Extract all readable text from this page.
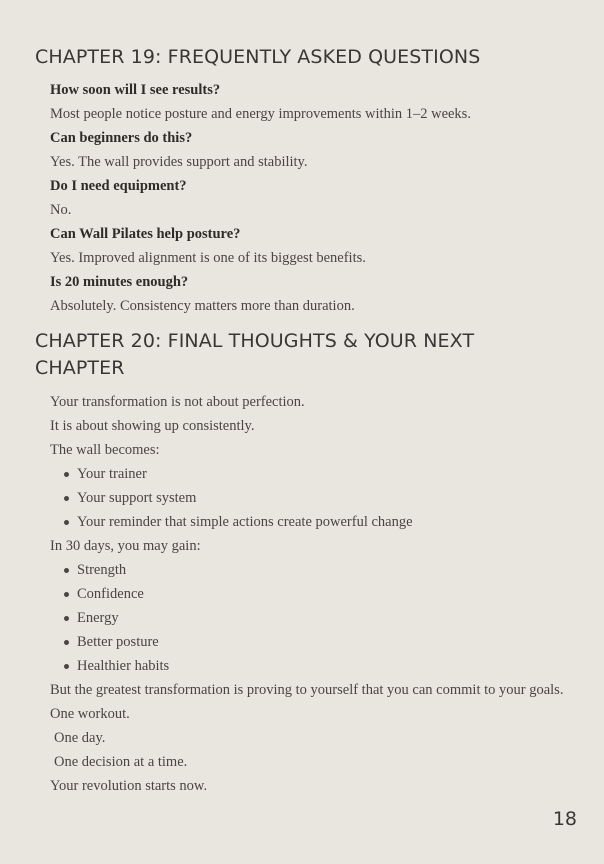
CHAPTER 19: FREQUENTLY ASKED QUESTIONS
How soon will I see results?
Most people notice posture and energy improvements within 1–2 weeks.
Can beginners do this?
Yes. The wall provides support and stability.
Do I need equipment?
No.
Can Wall Pilates help posture?
Yes. Improved alignment is one of its biggest benefits.
Is 20 minutes enough?
Absolutely. Consistency matters more than duration.
CHAPTER 20: FINAL THOUGHTS & YOUR NEXT CHAPTER
Your transformation is not about perfection.
It is about showing up consistently.
The wall becomes:
Your trainer
Your support system
Your reminder that simple actions create powerful change
In 30 days, you may gain:
Strength
Confidence
Energy
Better posture
Healthier habits
But the greatest transformation is proving to yourself that you can commit to your goals.
One workout.
One day.
One decision at a time.
Your revolution starts now.
18
